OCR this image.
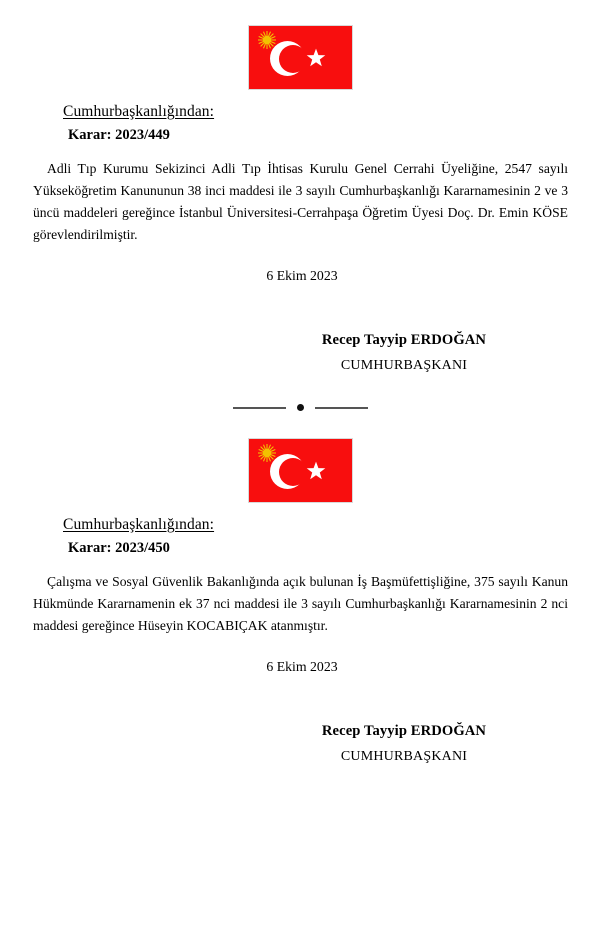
Cumhurbaşkanlığından:
Karar: 2023/449
Adli Tıp Kurumu Sekizinci Adli Tıp İhtisas Kurulu Genel Cerrahi Üyeliğine, 2547 sayılı Yükseköğretim Kanununun 38 inci maddesi ile 3 sayılı Cumhurbaşkanlığı Kararnamesinin 2 ve 3 üncü maddeleri gereğince İstanbul Üniversitesi-Cerrahpaşa Öğretim Üyesi Doç. Dr. Emin KÖSE görevlendirilmiştir.
6 Ekim 2023
Recep Tayyip ERDOĞAN
CUMHURBAŞKANI
Cumhurbaşkanlığından:
Karar: 2023/450
Çalışma ve Sosyal Güvenlik Bakanlığında açık bulunan İş Başmüfettişliğine, 375 sayılı Kanun Hükmünde Kararnamenin ek 37 nci maddesi ile 3 sayılı Cumhurbaşkanlığı Kararnamesinin 2 nci maddesi gereğince Hüseyin KOCABIÇAK atanmıştır.
6 Ekim 2023
Recep Tayyip ERDOĞAN
CUMHURBAŞKANI
